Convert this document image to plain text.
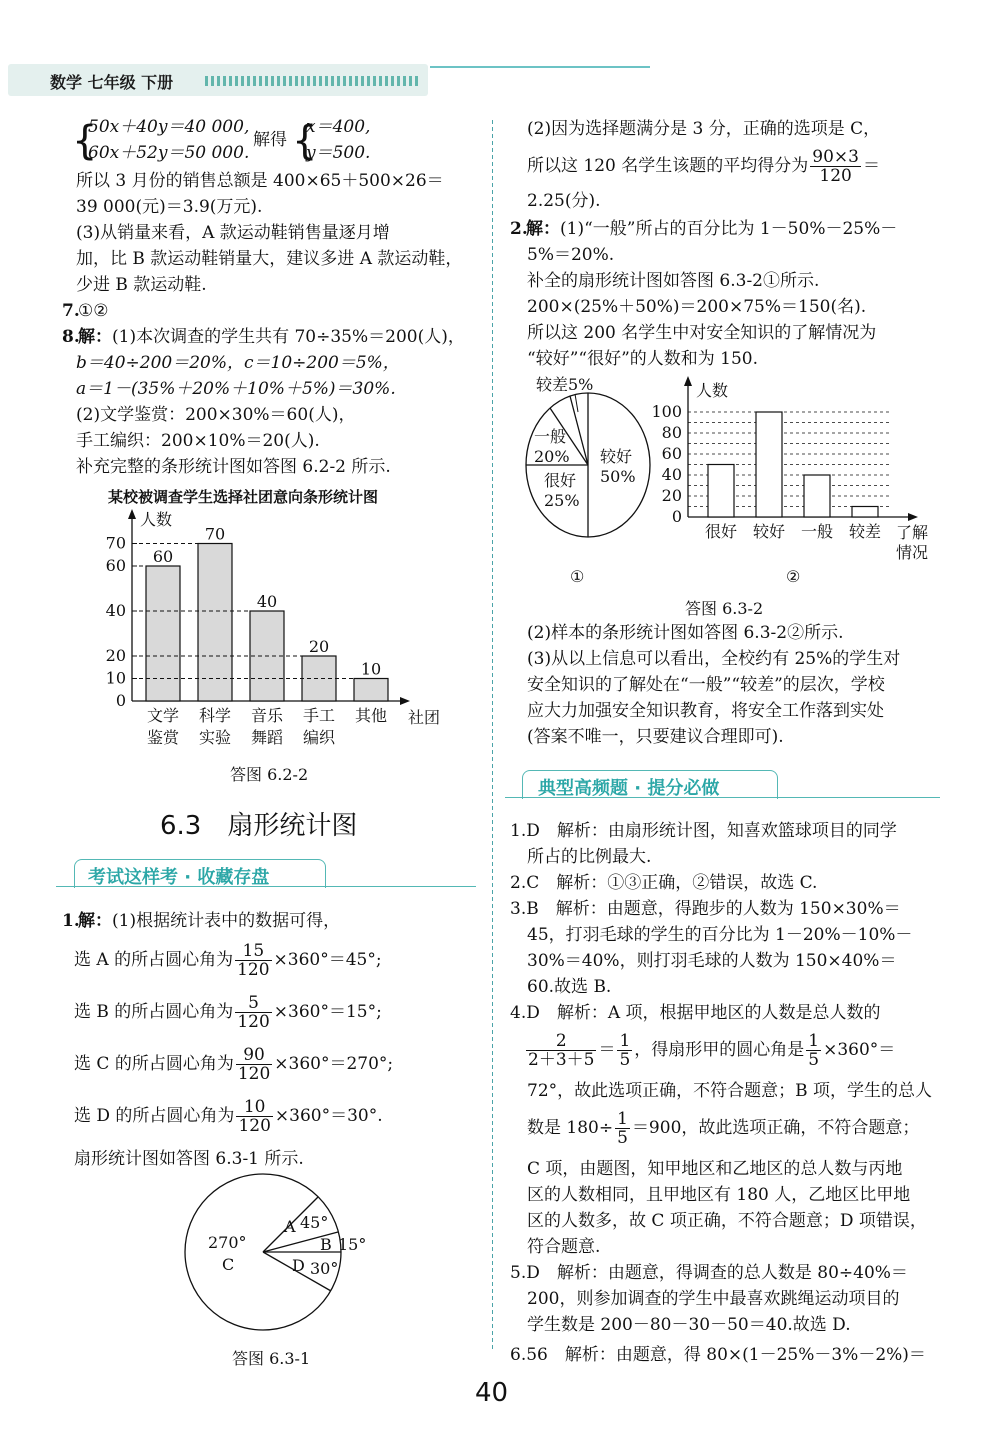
数学 七年级 下册
{
50x＋40y＝40 000,
60x＋52y＝50 000.
解得 {
x＝400,
y＝500.
所以 3 月份的销售总额是 400×65＋500×26＝
39 000(元)＝3.9(万元).
(3)从销量来看，A 款运动鞋销售量逐月增
加，比 B 款运动鞋销量大，建议多进 A 款运动鞋，
少进 B 款运动鞋.
7.
①②
8.
解： (1)本次调查的学生共有 70÷35%＝200(人)，
b＝40÷200＝20%，c＝10÷200＝5%，
a＝1－(35%＋20%＋10%＋5%)＝30%.
(2)文学鉴赏：200×30%＝60(人)，
手工编织：200×10%＝20(人).
补充完整的条形统计图如答图 6.2-2 所示.
某校被调查学生选择社团意向条形统计图
人数
社团
0
10
20
40
60
70
60
文学
鉴赏
70
科学
实验
40
音乐
舞蹈
20
手工
编织
10
其他
答图 6.2-2
6.3　扇形统计图
考试这样考 · 收藏存盘
1.
解： (1)根据统计表中的数据可得，
选 A 的所占圆心角为 $\frac{15}{120} \times 360^\circ=45^\circ$;
选 B 的所占圆心角为 $\frac{5}{120} \times 360^\circ=15^\circ$;
选 C 的所占圆心角为 $\frac{90}{120} \times 360^\circ=270^\circ$;
选 D 的所占圆心角为 $\frac{10}{120} \times 360^\circ=30^\circ$.
扇形统计图如答图 6.3-1 所示.
270°
C
A 45°
B 15°
D 30°
答图 6.3-1
(2)因为选择题满分是 3 分，正确的选项是 C，
所以这 120 名学生该题的平均得分为 $\frac{90\times 3}{120}$ ＝
2.25(分).
2.
解： (1)“一般”所占的百分比为 1－50%－25%－
5%＝20%.
补全的扇形统计图如答图 6.3-2①所示.
200×(25%＋50%)＝200×75%＝150(名).
所以这 200 名学生中对安全知识的了解情况为
“较好”“很好”的人数和为 150.
较差5%
一般
20%
很好
25%
较好
50%
①
人数
了解
情况
0
20
40
60
80
100
很好 较好 一般 较差
②
答图 6.3-2
(2)样本的条形统计图如答图 6.3-2②所示.
(3)从以上信息可以看出，全校约有 25%的学生对
安全知识的了解处在“一般”“较差”的层次，学校
应大力加强安全知识教育，将安全工作落到实处
(答案不唯一，只要建议合理即可).
典型高频题 · 提分必做
1.D　解析：由扇形统计图，知喜欢篮球项目的同学
所占的比例最大.
2.C　解析：①③正确，②错误，故选 C.
3.B　解析：由题意，得跑步的人数为 150×30%＝
45，打羽毛球的学生的百分比为 1－20%－10%－
30%＝40%，则打羽毛球的人数为 150×40%＝
60.故选 B.
4.D　解析：A 项，根据甲地区的人数是总人数的
$\frac{2}{2+3+5} = \frac{1}{5}$ ，得扇形甲的圆心角是 $\frac{1}{5} \times 360^\circ=$
72°，故此选项正确，不符合题意；B 项，学生的总人
数是 $180\div \frac{1}{5} =900$，故此选项正确，不符合题意；
C 项，由题图，知甲地区和乙地区的总人数与丙地
区的人数相同，且甲地区有 180 人，乙地区比甲地
区的人数多，故 C 项正确，不符合题意；D 项错误，
符合题意.
5.D　解析：由题意，得调查的总人数是 80÷40%＝
200，则参加调查的学生中最喜欢跳绳运动项目的
学生数是 200－80－30－50＝40.故选 D.
6.56　解析：由题意，得 80×(1－25%－3%－2%)＝
40
